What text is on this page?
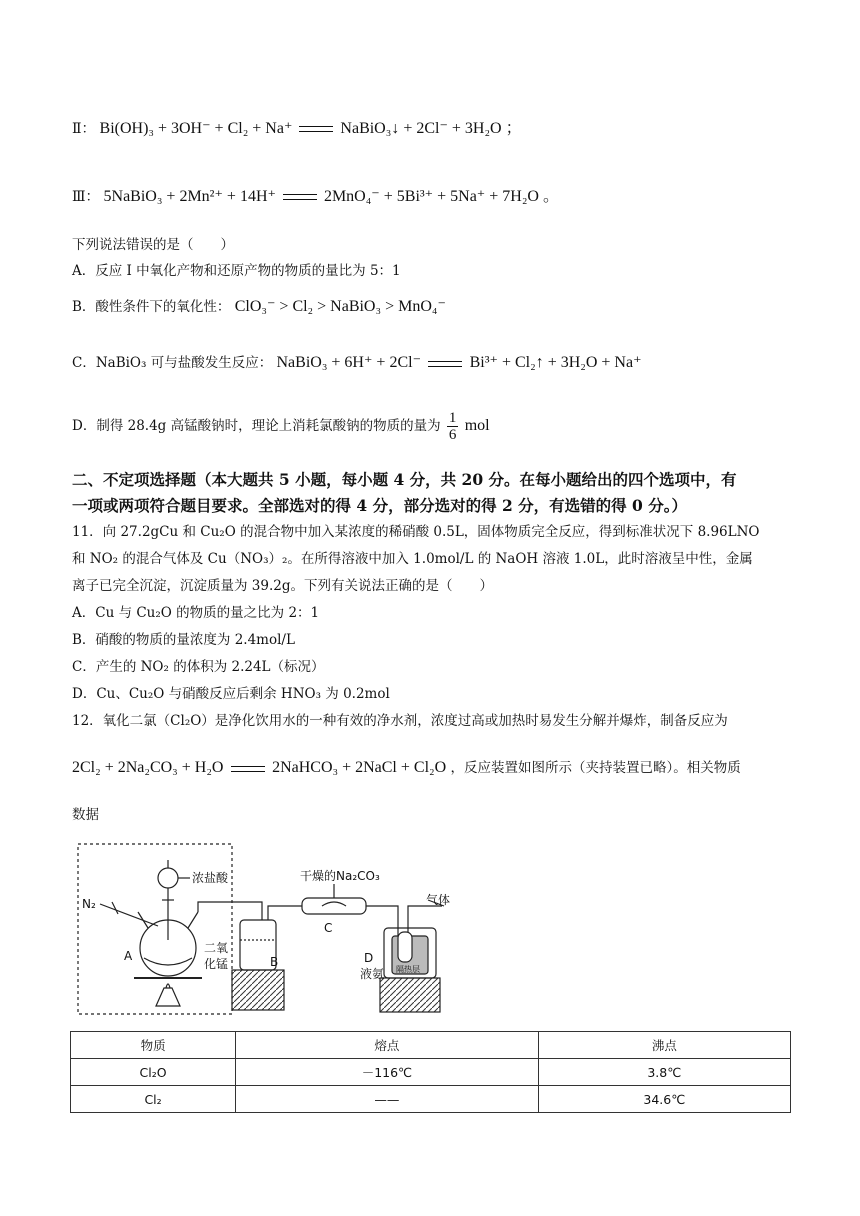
Ⅱ： Bi(OH)₃ + 3OH⁻ + Cl₂ + Na⁺	NaBiO₃↓ + 2Cl⁻ + 3H₂O ；
Ⅲ： 5NaBiO₃ + 2Mn²⁺ + 14H⁺	2MnO₄⁻ + 5Bi³⁺ + 5Na⁺ + 7H₂O 。
下列说法错误的是（　　）
A．反应 I 中氧化产物和还原产物的物质的量比为 5：1
B．酸性条件下的氧化性： ClO₃⁻ > Cl₂ > NaBiO₃ > MnO₄⁻
C．NaBiO₃ 可与盐酸发生反应： NaBiO₃ + 6H⁺ + 2Cl⁻	Bi³⁺ + Cl₂↑ + 3H₂O + Na⁺
D．制得 28.4g 高锰酸钠时，理论上消耗氯酸钠的物质的量为 $\frac{1}{6}$ mol
二、不定项选择题（本大题共 5 小题，每小题 4 分，共 20 分。在每小题给出的四个选项中，有
一项或两项符合题目要求。全部选对的得 4 分，部分选对的得 2 分，有选错的得 0 分。）
11．向 27.2gCu 和 Cu₂O 的混合物中加入某浓度的稀硝酸 0.5L，固体物质完全反应，得到标准状况下 8.96LNO
和 NO₂ 的混合气体及 Cu（NO₃）₂。在所得溶液中加入 1.0mol/L 的 NaOH 溶液 1.0L，此时溶液呈中性，金属
离子已完全沉淀，沉淀质量为 39.2g。下列有关说法正确的是（　　）
A．Cu 与 Cu₂O 的物质的量之比为 2：1
B．硝酸的物质的量浓度为 2.4mol/L
C．产生的 NO₂ 的体积为 2.24L（标况）
D．Cu、Cu₂O 与硝酸反应后剩余 HNO₃ 为 0.2mol
12．氧化二氯（Cl₂O）是净化饮用水的一种有效的净水剂，浓度过高或加热时易发生分解并爆炸，制备反应为
2Cl₂ + 2Na₂CO₃ + H₂O	2NaHCO₃ + 2NaCl + Cl₂O ，反应装置如图所示（夹持装置已略）。相关物质
数据
N₂
浓盐酸
二氧
化锰
A	B
C
干燥的Na₂CO₃
气体
D
液氨 隔热层
物质	熔点	沸点
Cl₂O	－116℃	3.8℃
Cl₂	——	34.6℃
